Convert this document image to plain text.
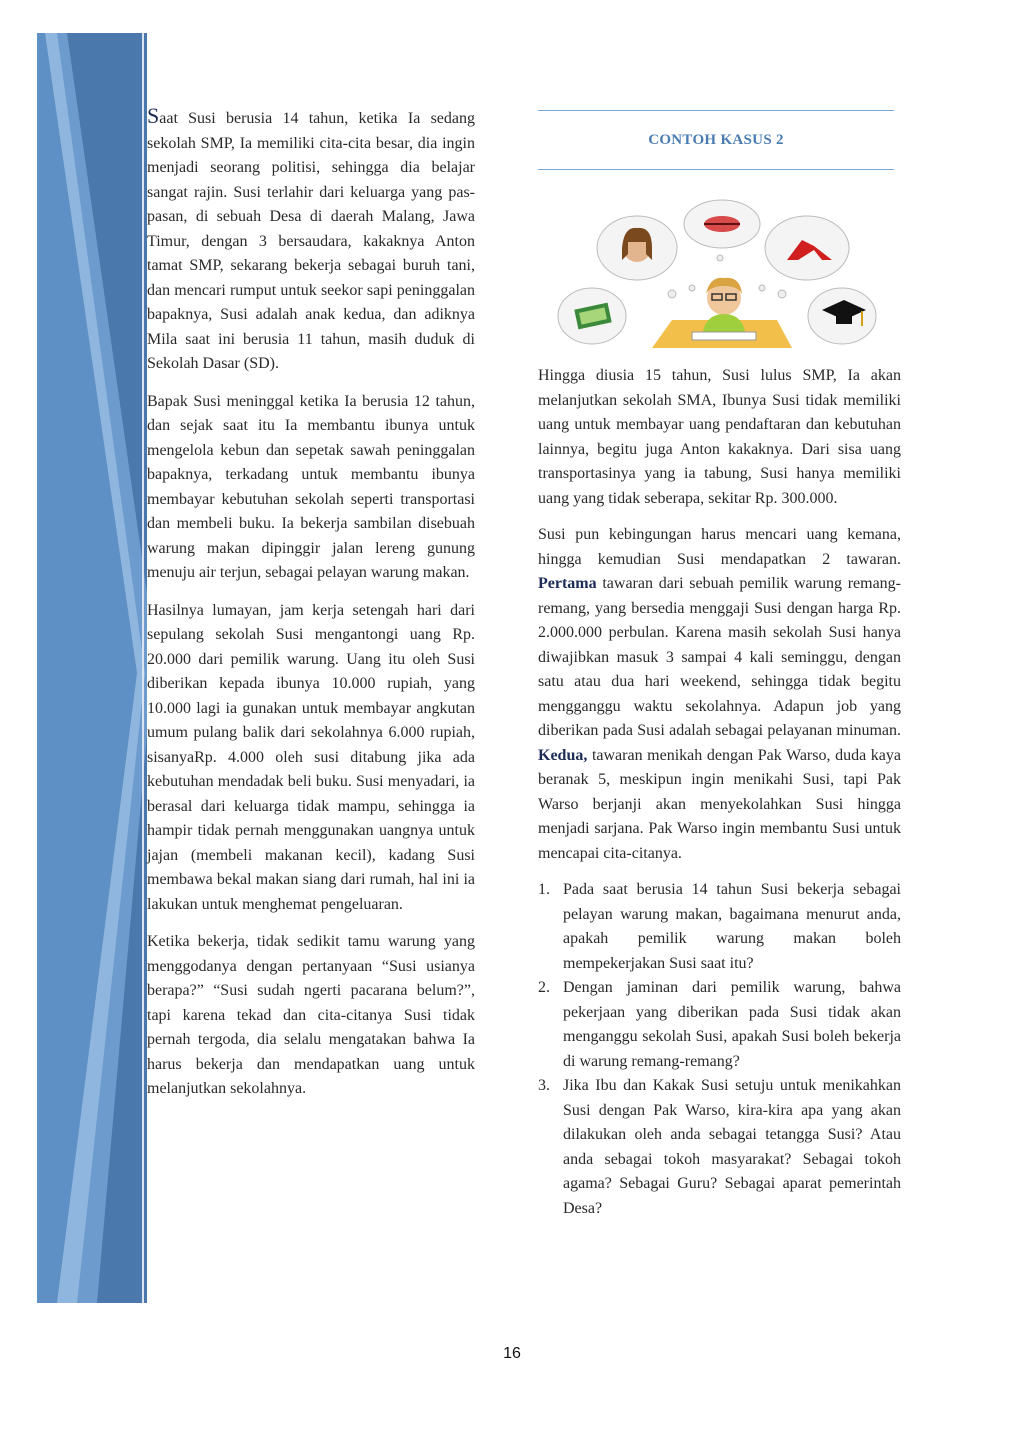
Saat Susi berusia 14 tahun, ketika Ia sedang sekolah SMP, Ia memiliki cita-cita besar, dia ingin menjadi seorang politisi, sehingga dia belajar sangat rajin. Susi terlahir dari keluarga yang pas-pasan, di sebuah Desa di daerah Malang, Jawa Timur, dengan 3 bersaudara, kakaknya Anton tamat SMP, sekarang bekerja sebagai buruh tani, dan mencari rumput untuk seekor sapi peninggalan bapaknya, Susi adalah anak kedua, dan adiknya Mila saat ini berusia 11 tahun, masih duduk di Sekolah Dasar (SD).

Bapak Susi meninggal ketika Ia berusia 12 tahun, dan sejak saat itu Ia membantu ibunya untuk mengelola kebun dan sepetak sawah peninggalan bapaknya, terkadang untuk membantu ibunya membayar kebutuhan sekolah seperti transportasi dan membeli buku. Ia bekerja sambilan disebuah warung makan dipinggir jalan lereng gunung menuju air terjun, sebagai pelayan warung makan.

Hasilnya lumayan, jam kerja setengah hari dari sepulang sekolah Susi mengantongi uang Rp. 20.000 dari pemilik warung. Uang itu oleh Susi diberikan kepada ibunya 10.000 rupiah, yang 10.000 lagi ia gunakan untuk membayar angkutan umum pulang balik dari sekolahnya 6.000 rupiah, sisanyaRp. 4.000 oleh susi ditabung jika ada kebutuhan mendadak beli buku. Susi menyadari, ia berasal dari keluarga tidak mampu, sehingga ia hampir tidak pernah menggunakan uangnya untuk jajan (membeli makanan kecil), kadang Susi membawa bekal makan siang dari rumah, hal ini ia lakukan untuk menghemat pengeluaran.

Ketika bekerja, tidak sedikit tamu warung yang menggodanya dengan pertanyaan “Susi usianya berapa?” “Susi sudah ngerti pacarana belum?”, tapi karena tekad dan cita-citanya Susi tidak pernah tergoda, dia selalu mengatakan bahwa Ia harus bekerja dan mendapatkan uang untuk melanjutkan sekolahnya.

CONTOH KASUS 2

Hingga diusia 15 tahun, Susi lulus SMP, Ia akan melanjutkan sekolah SMA, Ibunya Susi tidak memiliki uang untuk membayar uang pendaftaran dan kebutuhan lainnya, begitu juga Anton kakaknya. Dari sisa uang transportasinya yang ia tabung, Susi hanya memiliki uang yang tidak seberapa, sekitar Rp. 300.000.

Susi pun kebingungan harus mencari uang kemana, hingga kemudian Susi mendapatkan 2 tawaran. Pertama tawaran dari sebuah pemilik warung remang-remang, yang bersedia menggaji Susi dengan harga Rp. 2.000.000 perbulan. Karena masih sekolah Susi hanya diwajibkan masuk 3 sampai 4 kali seminggu, dengan satu atau dua hari weekend, sehingga tidak begitu mengganggu waktu sekolahnya. Adapun job yang diberikan pada Susi adalah sebagai pelayanan minuman. Kedua, tawaran menikah dengan Pak Warso, duda kaya beranak 5, meskipun ingin menikahi Susi, tapi Pak Warso berjanji akan menyekolahkan Susi hingga menjadi sarjana. Pak Warso ingin membantu Susi untuk mencapai cita-citanya.

1. Pada saat berusia 14 tahun Susi bekerja sebagai pelayan warung makan, bagaimana menurut anda, apakah pemilik warung makan boleh mempekerjakan Susi saat itu?
2. Dengan jaminan dari pemilik warung, bahwa pekerjaan yang diberikan pada Susi tidak akan menganggu sekolah Susi, apakah Susi boleh bekerja di warung remang-remang?
3. Jika Ibu dan Kakak Susi setuju untuk menikahkan Susi dengan Pak Warso, kira-kira apa yang akan dilakukan oleh anda sebagai tetangga Susi? Atau anda sebagai tokoh masyarakat? Sebagai tokoh agama? Sebagai Guru? Sebagai aparat pemerintah Desa?
16
